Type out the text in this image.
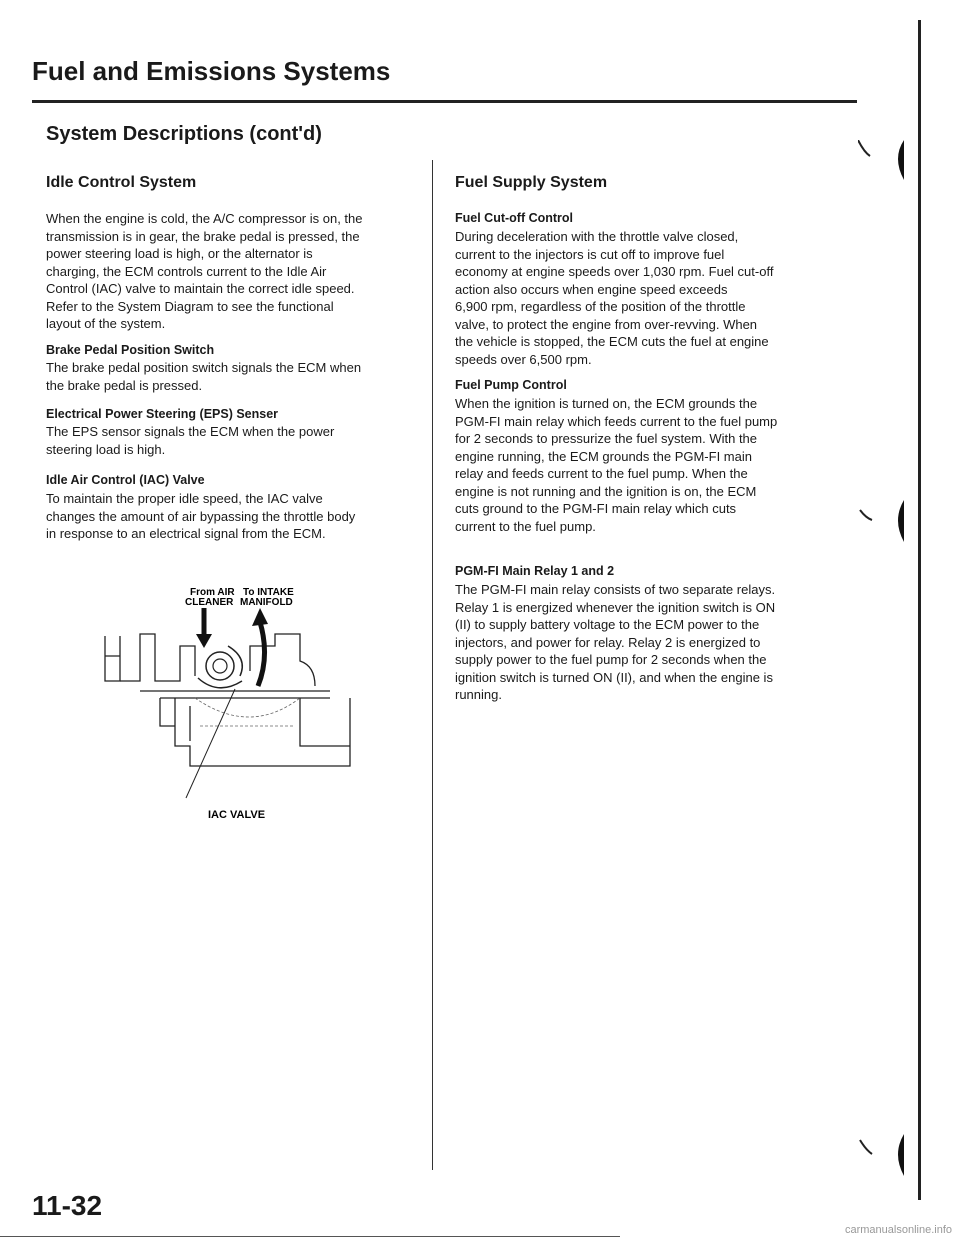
Fuel and Emissions Systems
System Descriptions (cont'd)
Idle Control System
When the engine is cold, the A/C compressor is on, the
transmission is in gear, the brake pedal is pressed, the
power steering load is high, or the alternator is
charging, the ECM controls current to the Idle Air
Control (IAC) valve to maintain the correct idle speed.
Refer to the System Diagram to see the functional
layout of the system.
Brake Pedal Position Switch
The brake pedal position switch signals the ECM when
the brake pedal is pressed.
Electrical Power Steering (EPS) Senser
The EPS sensor signals the ECM when the power
steering load is high.
Idle Air Control (IAC) Valve
To maintain the proper idle speed, the IAC valve
changes the amount of air bypassing the throttle body
in response to an electrical signal from the ECM.
From AIR
CLEANER
To INTAKE
MANIFOLD
IAC VALVE
Fuel Supply System
Fuel Cut-off Control
During deceleration with the throttle valve closed,
current to the injectors is cut off to improve fuel
economy at engine speeds over 1,030 rpm. Fuel cut-off
action also occurs when engine speed exceeds
6,900 rpm, regardless of the position of the throttle
valve, to protect the engine from over-revving. When
the vehicle is stopped, the ECM cuts the fuel at engine
speeds over 6,500 rpm.
Fuel Pump Control
When the ignition is turned on, the ECM grounds the
PGM-FI main relay which feeds current to the fuel pump
for 2 seconds to pressurize the fuel system. With the
engine running, the ECM grounds the PGM-FI main
relay and feeds current to the fuel pump. When the
engine is not running and the ignition is on, the ECM
cuts ground to the PGM-FI main relay which cuts
current to the fuel pump.
PGM-FI Main Relay 1 and 2
The PGM-FI main relay consists of two separate relays.
Relay 1 is energized whenever the ignition switch is ON
(II) to supply battery voltage to the ECM power to the
injectors, and power for relay. Relay 2 is energized to
supply power to the fuel pump for 2 seconds when the
ignition switch is turned ON (II), and when the engine is
running.
11-32
carmanualsonline.info
